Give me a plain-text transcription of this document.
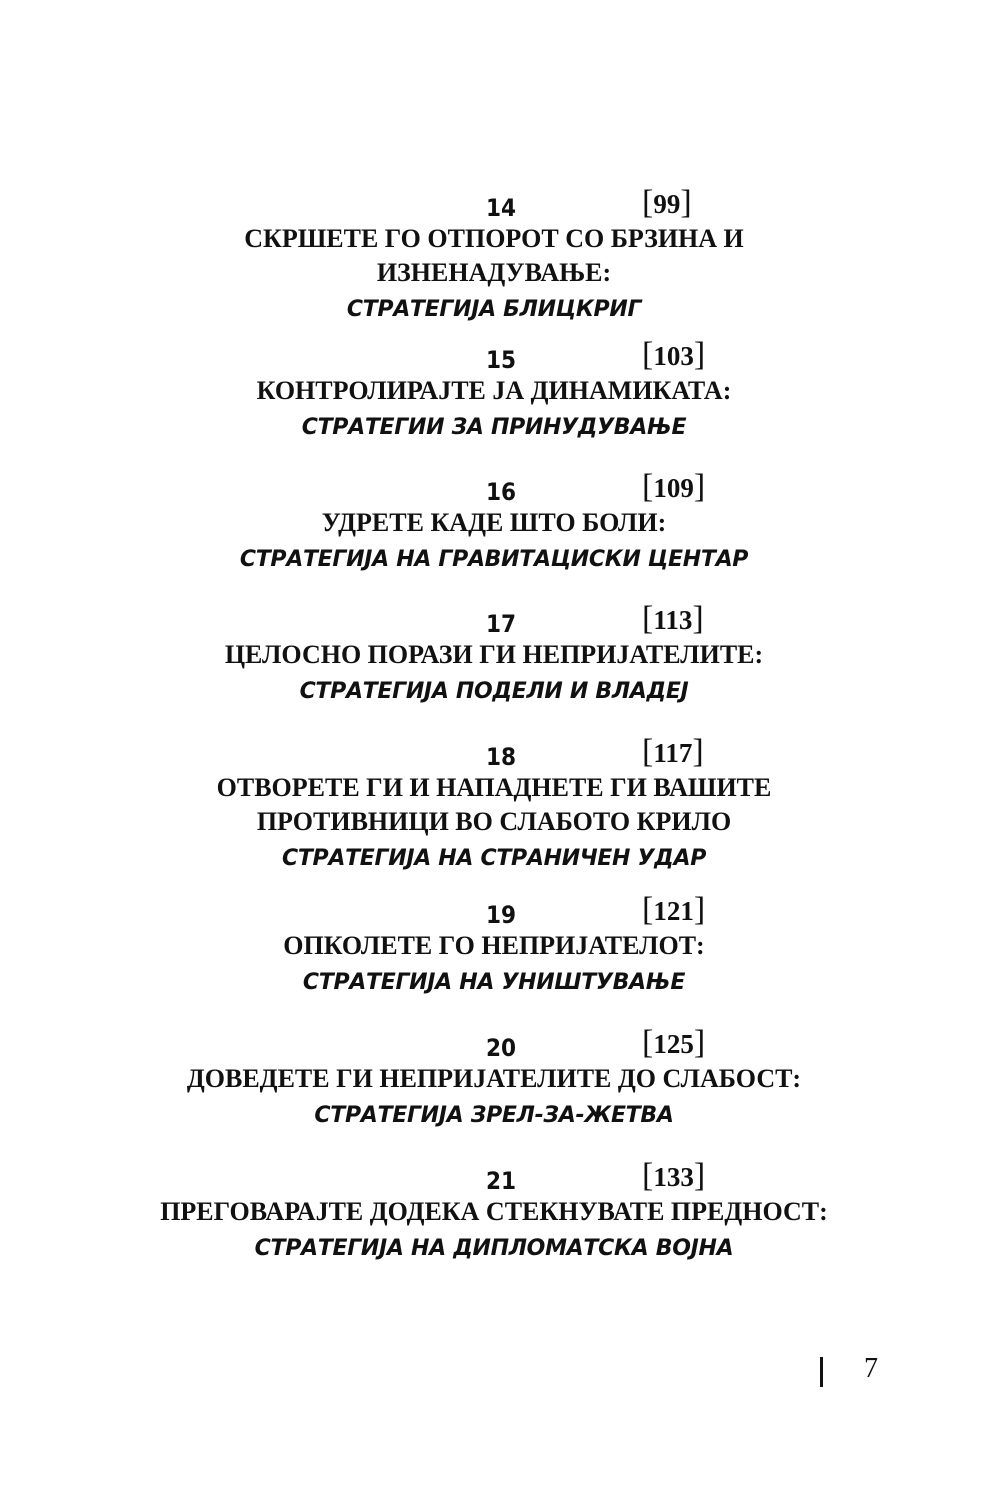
14	[99]
СКРШЕТЕ ГО ОТПОРОТ СО БРЗИНА И
ИЗНЕНАДУВАЊЕ:
СТРАТЕГИЈА БЛИЦКРИГ
15	[103]
КОНТРОЛИРАЈТЕ ЈА ДИНАМИКАТА:
СТРАТЕГИИ ЗА ПРИНУДУВАЊЕ
16	[109]
УДРЕТЕ КАДЕ ШТО БОЛИ:
СТРАТЕГИЈА НА ГРАВИТАЦИСКИ ЦЕНТАР
17	[113]
ЦЕЛОСНО ПОРАЗИ ГИ НЕПРИЈАТЕЛИТЕ:
СТРАТЕГИЈА ПОДЕЛИ И ВЛАДЕЈ
18	[117]
ОТВОРЕТЕ ГИ И НАПАДНЕТЕ ГИ ВАШИТЕ
ПРОТИВНИЦИ ВО СЛАБОТО КРИЛО
СТРАТЕГИЈА НА СТРАНИЧЕН УДАР
19	[121]
ОПКОЛЕТЕ ГО НЕПРИЈАТЕЛОТ:
СТРАТЕГИЈА НА УНИШТУВАЊЕ
20	[125]
ДОВЕДЕТЕ ГИ НЕПРИЈАТЕЛИТЕ ДО СЛАБОСТ:
СТРАТЕГИЈА ЗРЕЛ-ЗА-ЖЕТВА
21	[133]
ПРЕГОВАРАЈТЕ ДОДЕКА СТЕКНУВАТЕ ПРЕДНОСТ:
СТРАТЕГИЈА НА ДИПЛОМАТСКА ВОЈНА
7
